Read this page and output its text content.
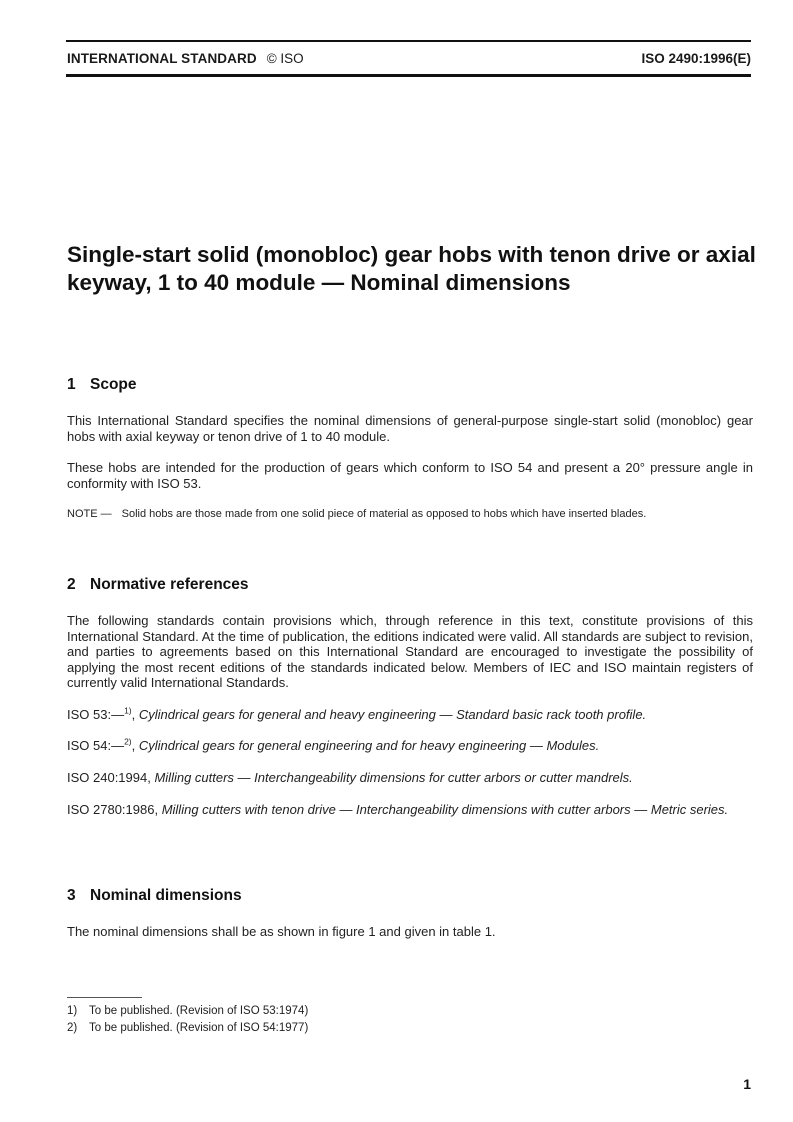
INTERNATIONAL STANDARD © ISO	ISO 2490:1996(E)
Single-start solid (monobloc) gear hobs with tenon drive or axial keyway, 1 to 40 module — Nominal dimensions
1 Scope

This International Standard specifies the nominal dimensions of general-purpose single-start solid (monobloc) gear hobs with axial keyway or tenon drive of 1 to 40 module.

These hobs are intended for the production of gears which conform to ISO 54 and present a 20° pressure angle in conformity with ISO 53.

NOTE — Solid hobs are those made from one solid piece of material as opposed to hobs which have inserted blades.

2 Normative references

The following standards contain provisions which, through reference in this text, constitute provisions of this International Standard. At the time of publication, the editions indicated were valid. All standards are subject to revision, and parties to agreements based on this International Standard are encouraged to investigate the possibility of applying the most recent editions of the standards indicated below. Members of IEC and ISO maintain registers of currently valid International Standards.

ISO 53:—$^{1)}$, Cylindrical gears for general and heavy engineering — Standard basic rack tooth profile.

ISO 54:—$^{2)}$, Cylindrical gears for general engineering and for heavy engineering — Modules.

ISO 240:1994, Milling cutters — Interchangeability dimensions for cutter arbors or cutter mandrels.

ISO 2780:1986, Milling cutters with tenon drive — Interchangeability dimensions with cutter arbors — Metric series.

3 Nominal dimensions

The nominal dimensions shall be as shown in figure 1 and given in table 1.

1) To be published. (Revision of ISO 53:1974)

2) To be published. (Revision of ISO 54:1977)

1
